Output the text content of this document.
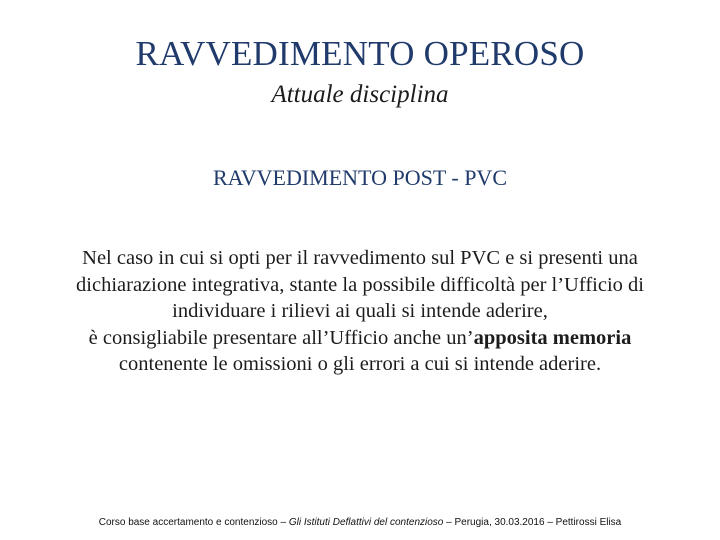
RAVVEDIMENTO OPEROSO
Attuale disciplina
RAVVEDIMENTO POST - PVC
Nel caso in cui si opti per il ravvedimento sul PVC e si presenti una dichiarazione integrativa, stante la possibile difficoltà per l’Ufficio di individuare i rilievi ai quali si intende aderire,
è consigliabile presentare all’Ufficio anche un’apposita memoria contenente le omissioni o gli errori a cui si intende aderire.
Corso base accertamento e contenzioso – Gli Istituti Deflattivi del contenzioso – Perugia, 30.03.2016 – Pettirossi Elisa
